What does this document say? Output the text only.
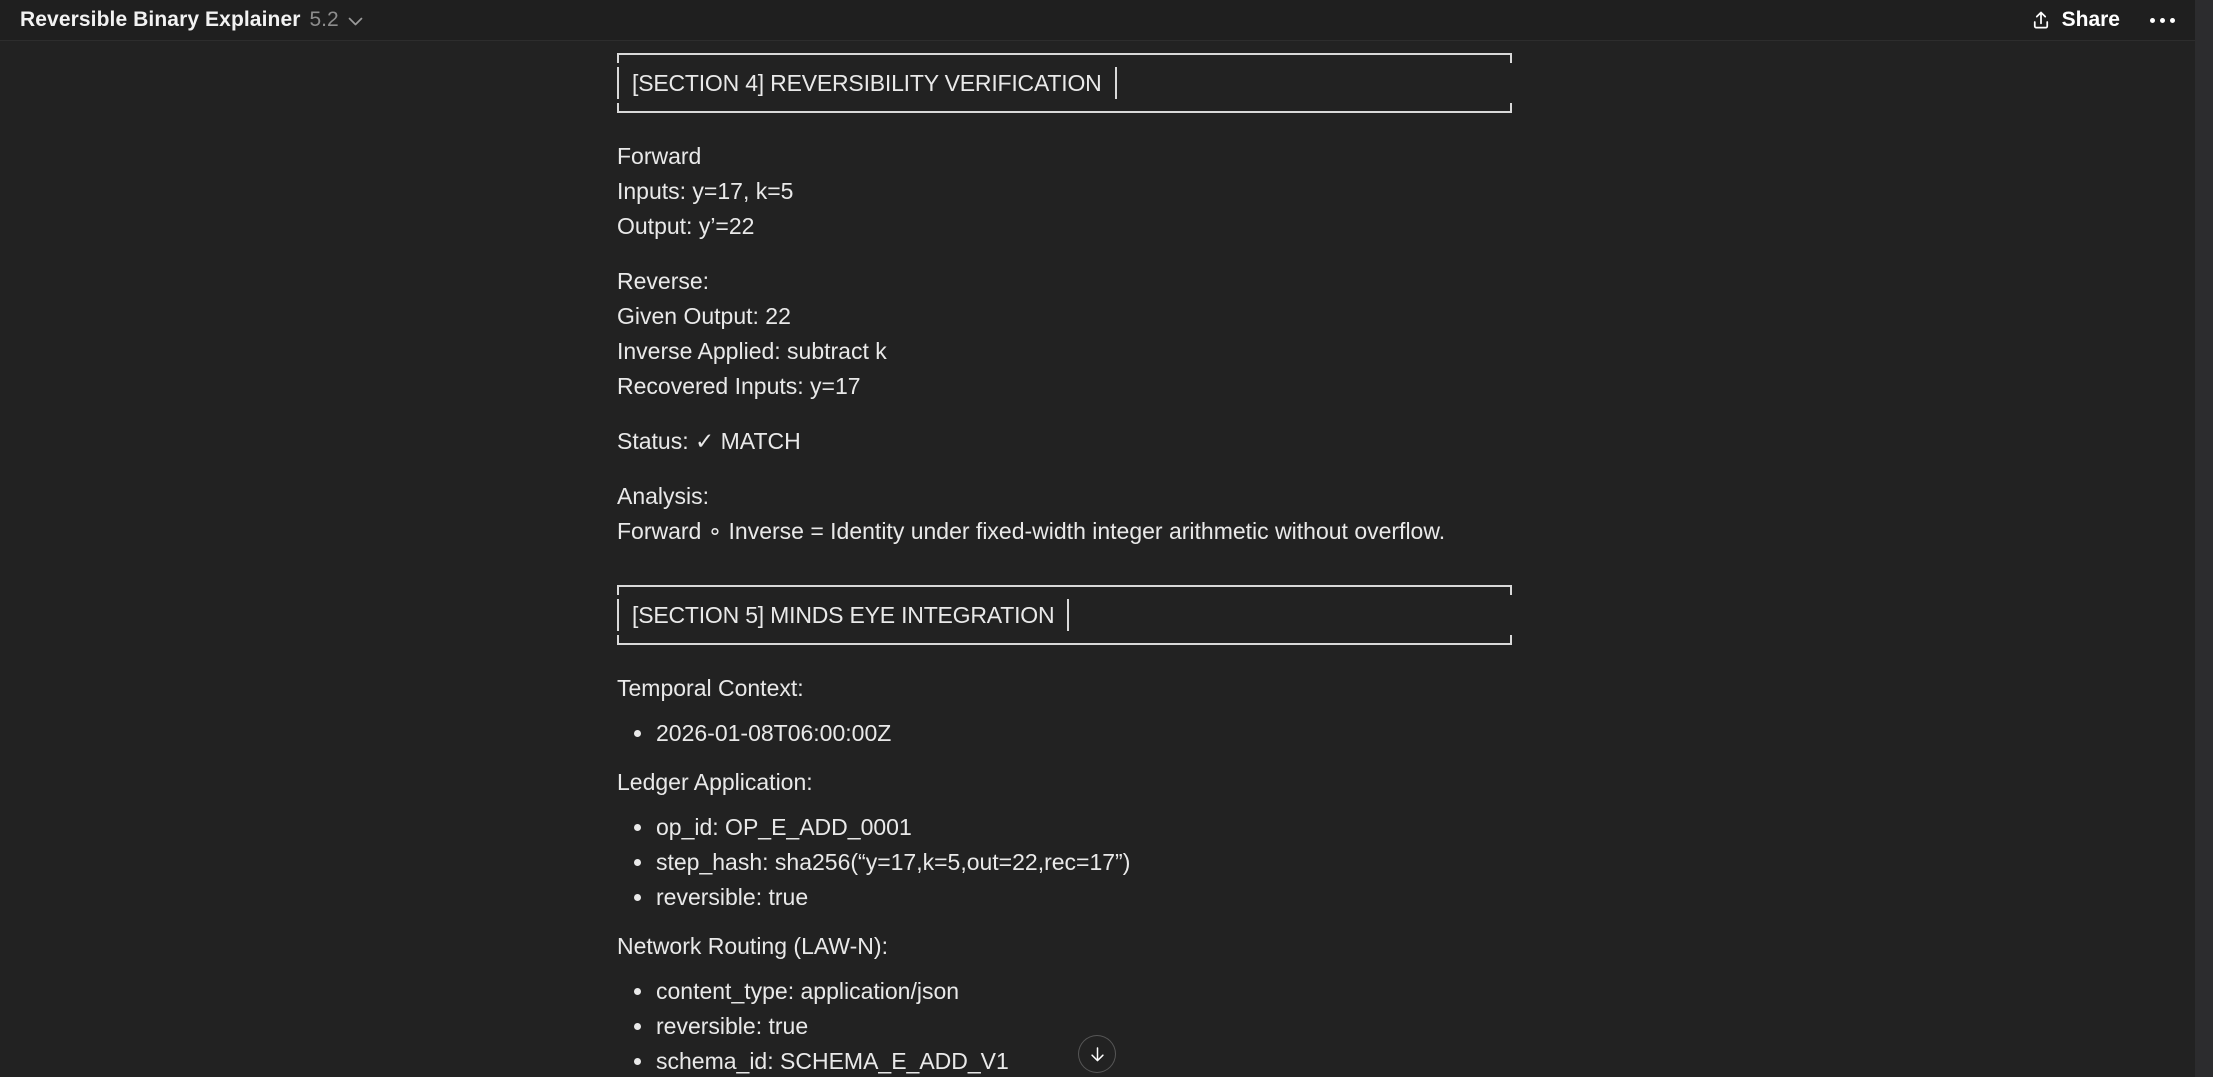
Reversible Binary Explainer 5.2	Share
[SECTION 4] REVERSIBILITY VERIFICATION

Forward
Inputs: y=17, k=5
Output: y’=22

Reverse:
Given Output: 22
Inverse Applied: subtract k
Recovered Inputs: y=17

Status: ✓ MATCH

Analysis:
Forward ∘ Inverse = Identity under fixed-width integer arithmetic without overflow.

[SECTION 5] MINDS EYE INTEGRATION

Temporal Context:

2026-01-08T06:00:00Z

Ledger Application:

op_id: OP_E_ADD_0001
step_hash: sha256(“y=17,k=5,out=22,rec=17”)
reversible: true

Network Routing (LAW-N):

content_type: application/json
reversible: true
schema_id: SCHEMA_E_ADD_V1
